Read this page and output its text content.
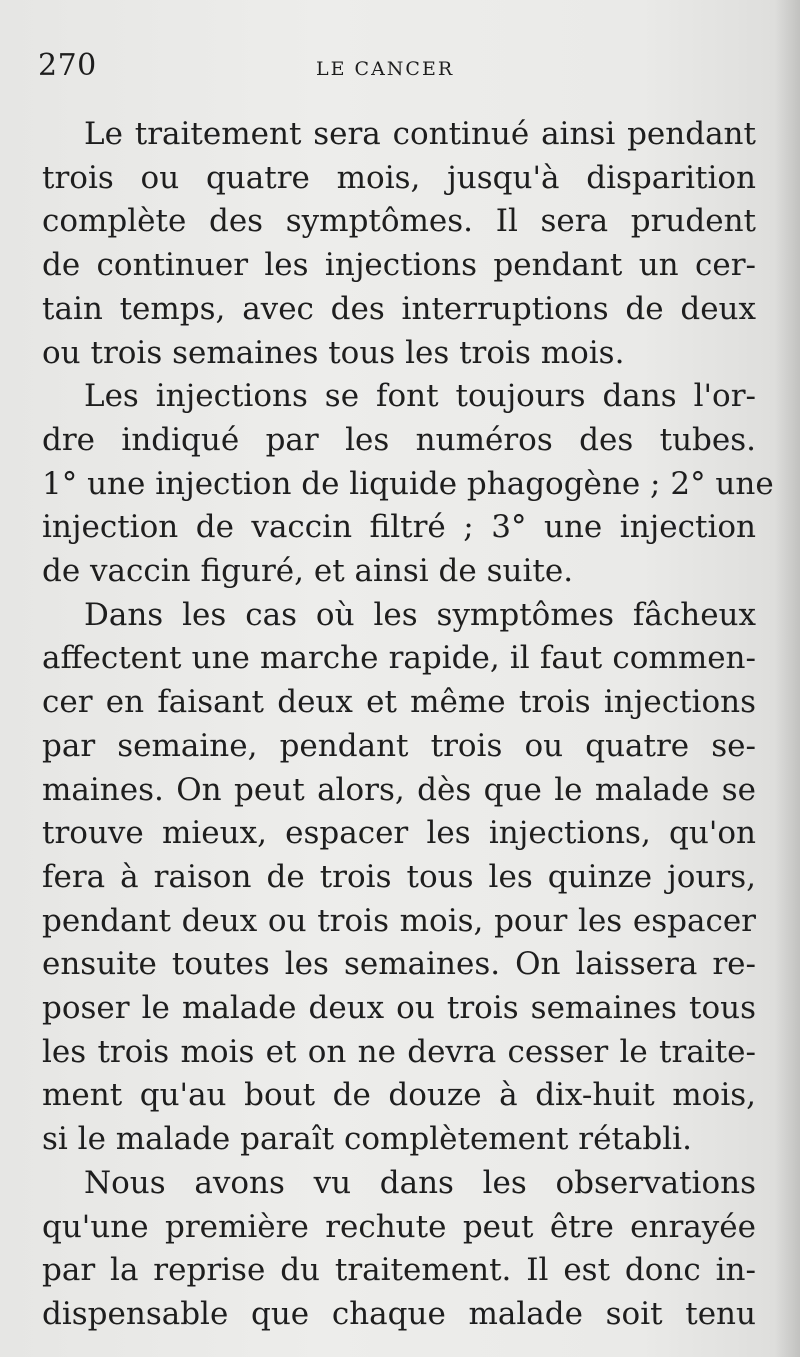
270	LE CANCER
Le traitement sera continué ainsi pendant
trois ou quatre mois, jusqu'à disparition
complète des symptômes. Il sera prudent
de continuer les injections pendant un cer-
tain temps, avec des interruptions de deux
ou trois semaines tous les trois mois.
Les injections se font toujours dans l'or-
dre indiqué par les numéros des tubes.
1° une injection de liquide phagogène ; 2° une
injection de vaccin filtré ; 3° une injection
de vaccin figuré, et ainsi de suite.
Dans les cas où les symptômes fâcheux
affectent une marche rapide, il faut commen-
cer en faisant deux et même trois injections
par semaine, pendant trois ou quatre se-
maines. On peut alors, dès que le malade se
trouve mieux, espacer les injections, qu'on
fera à raison de trois tous les quinze jours,
pendant deux ou trois mois, pour les espacer
ensuite toutes les semaines. On laissera re-
poser le malade deux ou trois semaines tous
les trois mois et on ne devra cesser le traite-
ment qu'au bout de douze à dix-huit mois,
si le malade paraît complètement rétabli.
Nous avons vu dans les observations
qu'une première rechute peut être enrayée
par la reprise du traitement. Il est donc in-
dispensable que chaque malade soit tenu
